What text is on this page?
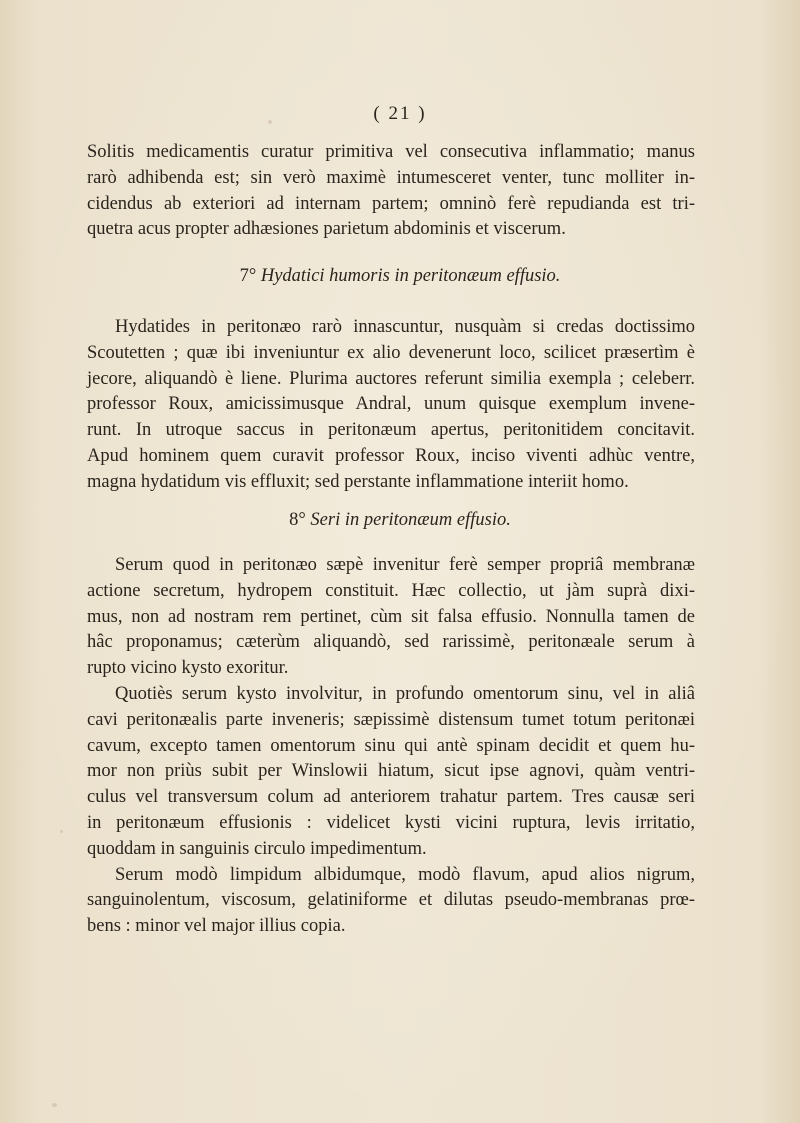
( 21 )
Solitis medicamentis curatur primitiva vel consecutiva inflammatio; manus
rarò adhibenda est; sin verò maximè intumesceret venter, tunc molliter in-
cidendus ab exteriori ad internam partem; omninò ferè repudianda est tri-
quetra acus propter adhæsiones parietum abdominis et viscerum.
7° Hydatici humoris in peritonæum effusio.
Hydatides in peritonæo rarò innascuntur, nusquàm si credas doctissimo
Scoutetten ; quæ ibi inveniuntur ex alio devenerunt loco, scilicet præsertìm è
jecore, aliquandò è liene. Plurima auctores referunt similia exempla ; celeberr.
professor Roux, amicissimusque Andral, unum quisque exemplum invene-
runt. In utroque saccus in peritonæum apertus, peritonitidem concitavit.
Apud hominem quem curavit professor Roux, inciso viventi adhùc ventre,
magna hydatidum vis effluxit; sed perstante inflammatione interiit homo.
8° Seri in peritonæum effusio.
Serum quod in peritonæo sæpè invenitur ferè semper propriâ membranæ
actione secretum, hydropem constituit. Hæc collectio, ut jàm suprà dixi-
mus, non ad nostram rem pertinet, cùm sit falsa effusio. Nonnulla tamen de
hâc proponamus; cæterùm aliquandò, sed rarissimè, peritonæale serum à
rupto vicino kysto exoritur.
Quotiès serum kysto involvitur, in profundo omentorum sinu, vel in aliâ
cavi peritonæalis parte inveneris; sæpissimè distensum tumet totum peritonæi
cavum, excepto tamen omentorum sinu qui antè spinam decidit et quem hu-
mor non priùs subit per Winslowii hiatum, sicut ipse agnovi, quàm ventri-
culus vel transversum colum ad anteriorem trahatur partem. Tres causæ seri
in peritonæum effusionis : videlicet kysti vicini ruptura, levis irritatio,
quoddam in sanguinis circulo impedimentum.
Serum modò limpidum albidumque, modò flavum, apud alios nigrum,
sanguinolentum, viscosum, gelatiniforme et dilutas pseudo-membranas prœ-
bens : minor vel major illius copia.
